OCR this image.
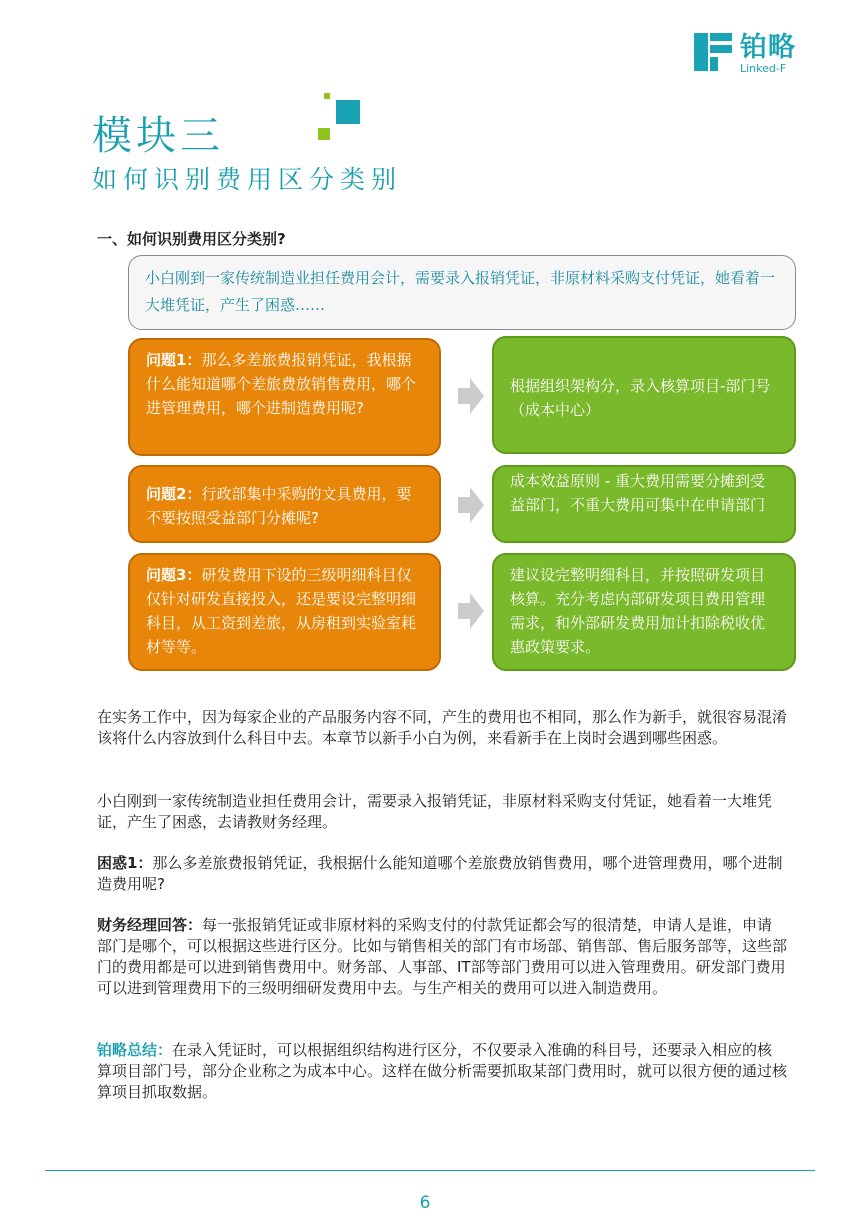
铂略
Linked-F
模块三
如何识别费用区分类别
一、如何识别费用区分类别?
小白刚到一家传统制造业担任费用会计，需要录入报销凭证，非原材料采购支付凭证，她看着一大堆凭证，产生了困惑……
问题1：那么多差旅费报销凭证，我根据什么能知道哪个差旅费放销售费用，哪个进管理费用，哪个进制造费用呢?
根据组织架构分，录入核算项目-部门号（成本中心）
问题2：行政部集中采购的文具费用，要不要按照受益部门分摊呢?
成本效益原则 - 重大费用需要分摊到受益部门，不重大费用可集中在申请部门
问题3：研发费用下设的三级明细科目仅仅针对研发直接投入，还是要设完整明细科目，从工资到差旅，从房租到实验室耗材等等。
建议设完整明细科目，并按照研发项目核算。充分考虑内部研发项目费用管理需求，和外部研发费用加计扣除税收优惠政策要求。
在实务工作中，因为每家企业的产品服务内容不同，产生的费用也不相同，那么作为新手，就很容易混淆该将什么内容放到什么科目中去。本章节以新手小白为例，来看新手在上岗时会遇到哪些困惑。
小白刚到一家传统制造业担任费用会计，需要录入报销凭证，非原材料采购支付凭证，她看着一大堆凭证，产生了困惑，去请教财务经理。
困惑1：那么多差旅费报销凭证，我根据什么能知道哪个差旅费放销售费用，哪个进管理费用，哪个进制造费用呢?
财务经理回答：每一张报销凭证或非原材料的采购支付的付款凭证都会写的很清楚，申请人是谁，申请部门是哪个，可以根据这些进行区分。比如与销售相关的部门有市场部、销售部、售后服务部等，这些部门的费用都是可以进到销售费用中。财务部、人事部、IT部等部门费用可以进入管理费用。研发部门费用可以进到管理费用下的三级明细研发费用中去。与生产相关的费用可以进入制造费用。
铂略总结：在录入凭证时，可以根据组织结构进行区分，不仅要录入准确的科目号，还要录入相应的核算项目部门号，部分企业称之为成本中心。这样在做分析需要抓取某部门费用时，就可以很方便的通过核算项目抓取数据。
6
